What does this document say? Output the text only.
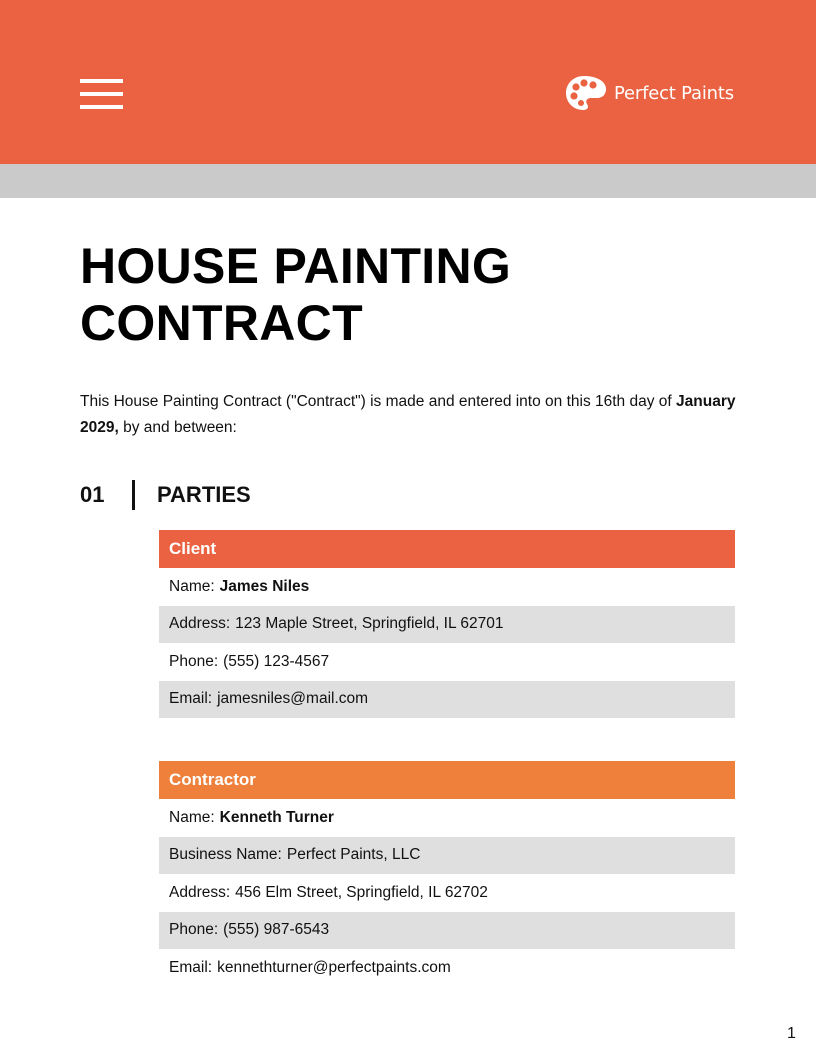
Perfect Paints
HOUSE PAINTING
CONTRACT

This House Painting Contract ("Contract") is made and entered into on this 16th day of January 2029, by and between:

01	PARTIES
Client
Name: James Niles
Address: 123 Maple Street, Springfield, IL 62701
Phone: (555) 123-4567
Email: jamesniles@mail.com
Contractor
Name: Kenneth Turner
Business Name: Perfect Paints, LLC
Address: 456 Elm Street, Springfield, IL 62702
Phone: (555) 987-6543
Email: kennethturner@perfectpaints.com
1
